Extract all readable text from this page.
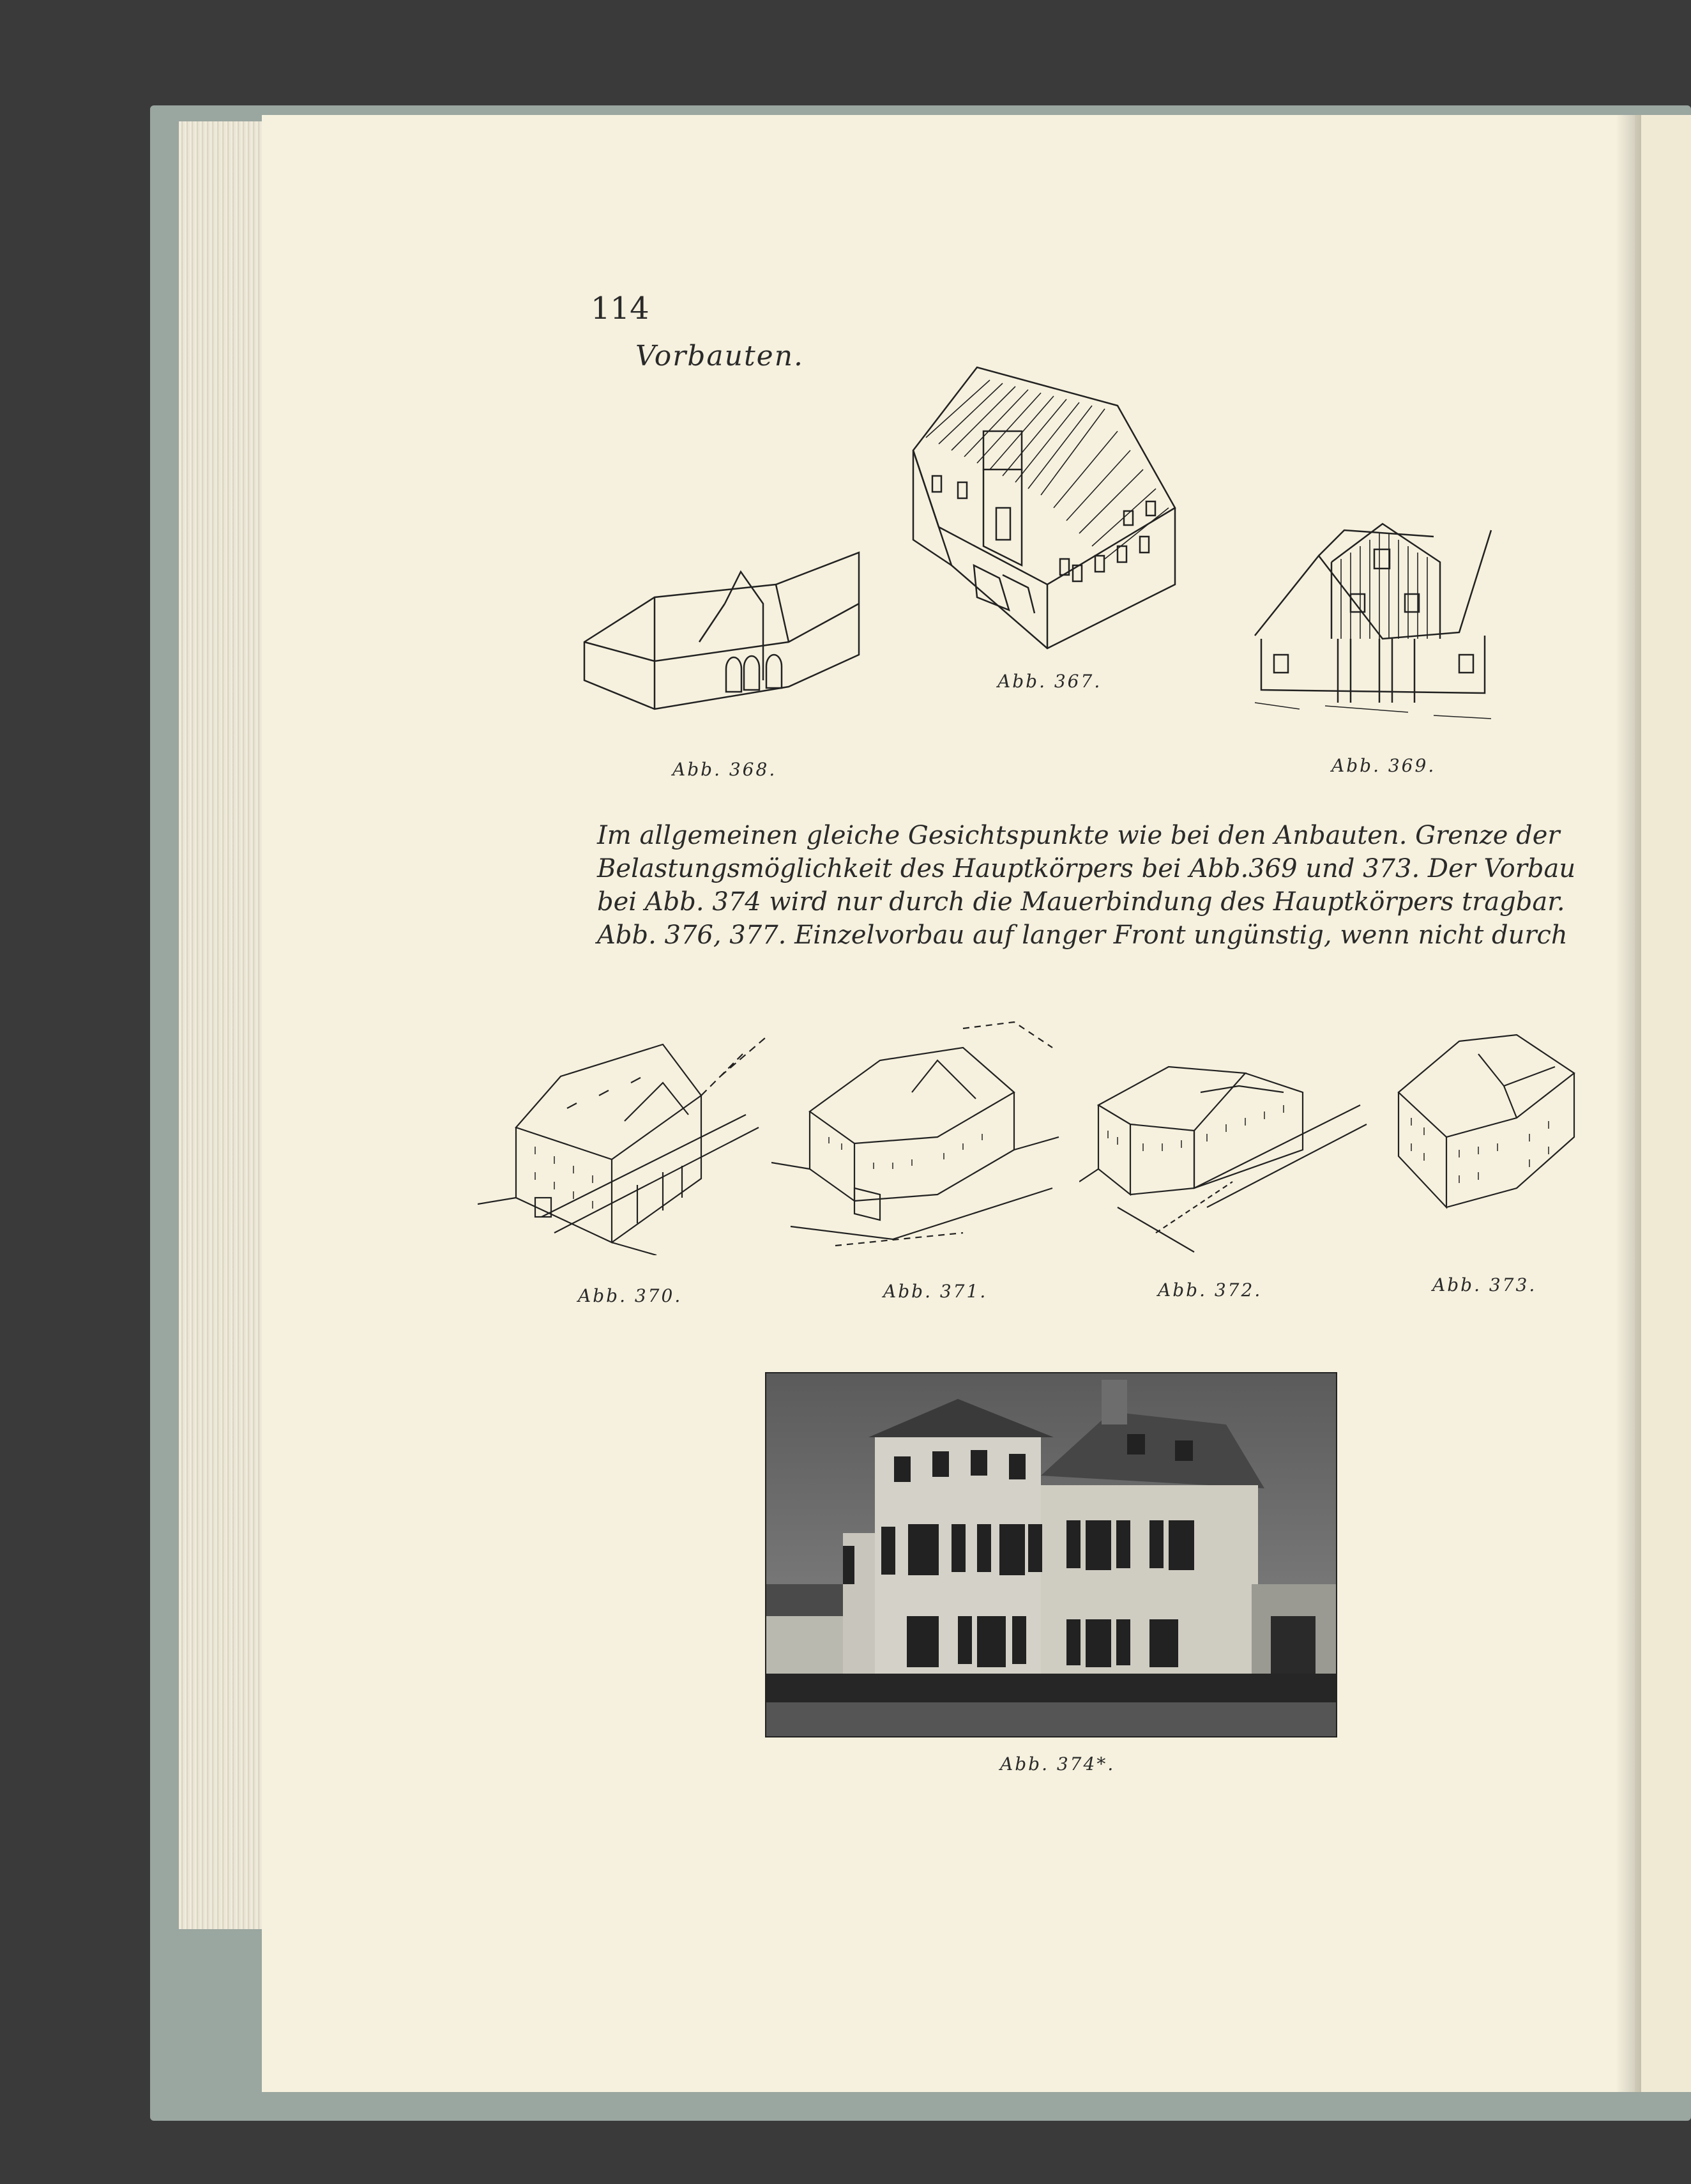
114
Vorbauten.
Abb. 368.
Abb. 367.
Abb. 369.
Im allgemeinen gleiche Gesichtspunkte wie bei den Anbauten. Grenze der
Belastungsmöglichkeit des Hauptkörpers bei Abb.369 und 373. Der Vorbau
bei Abb. 374 wird nur durch die Mauerbindung des Hauptkörpers tragbar.
Abb. 376, 377. Einzelvorbau auf langer Front ungünstig, wenn nicht durch
Abb. 370.	Abb. 371.	Abb. 372.	Abb. 373.
Abb. 374*.
